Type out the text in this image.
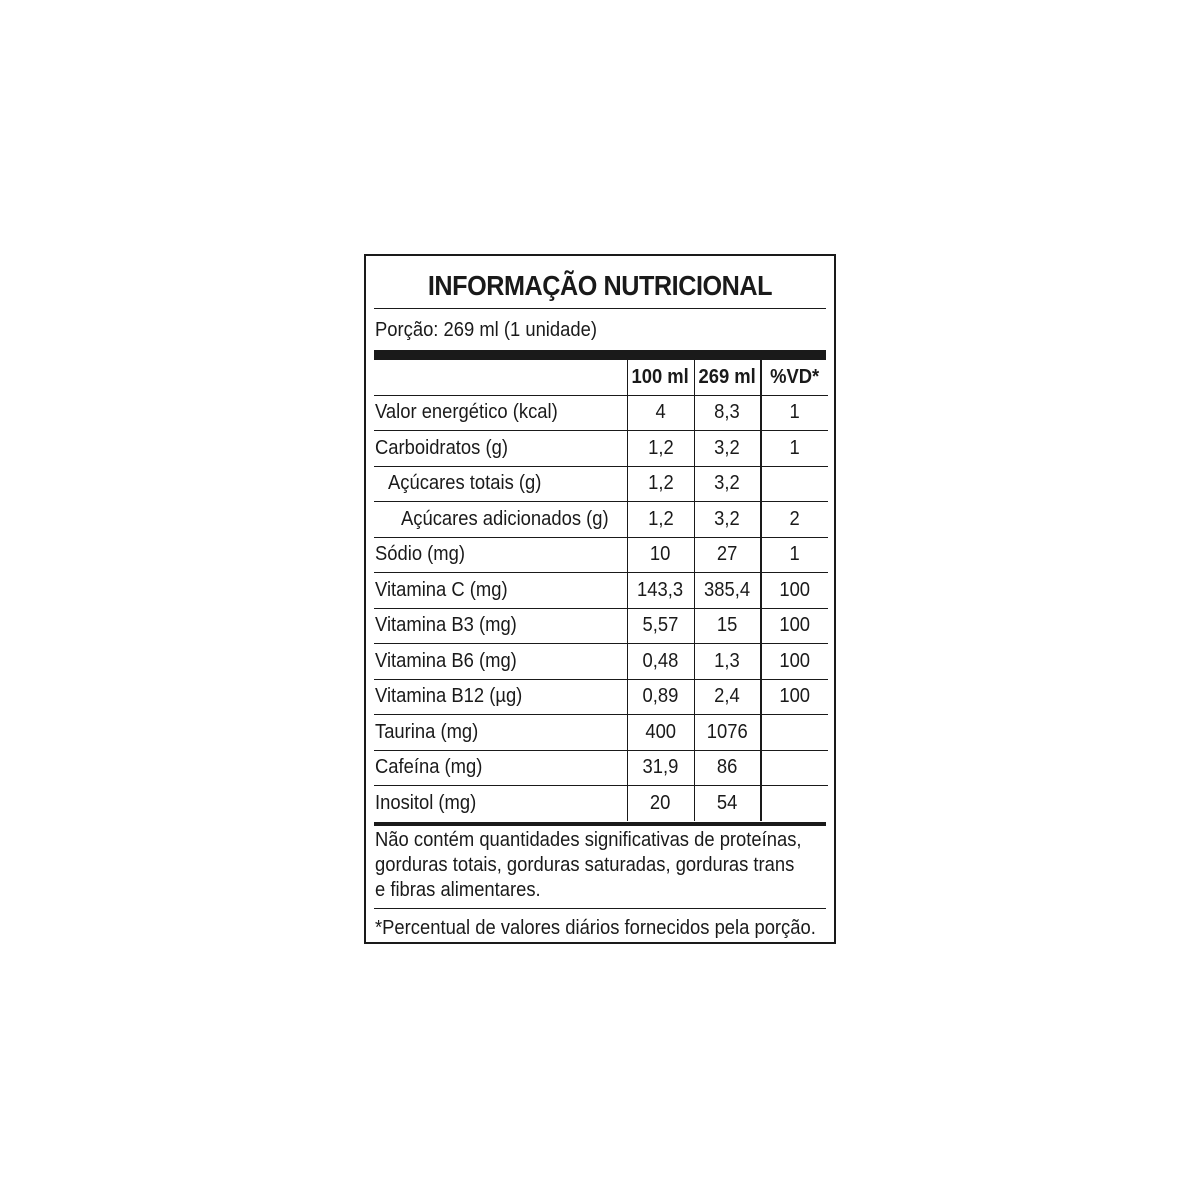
INFORMAÇÃO NUTRICIONAL
Porção: 269 ml (1 unidade)
	100 ml	269 ml	%VD*
Valor energético (kcal)	4	8,3	1
Carboidratos (g)	1,2	3,2	1
Açúcares totais (g)	1,2	3,2	
Açúcares adicionados (g)	1,2	3,2	2
Sódio (mg)	10	27	1
Vitamina C (mg)	143,3	385,4	100
Vitamina B3 (mg)	5,57	15	100
Vitamina B6 (mg)	0,48	1,3	100
Vitamina B12 (µg)	0,89	2,4	100
Taurina (mg)	400	1076	
Cafeína (mg)	31,9	86	
Inositol (mg)	20	54	
Não contém quantidades significativas de proteínas, gorduras totais, gorduras saturadas, gorduras trans e fibras alimentares.
*Percentual de valores diários fornecidos pela porção.
